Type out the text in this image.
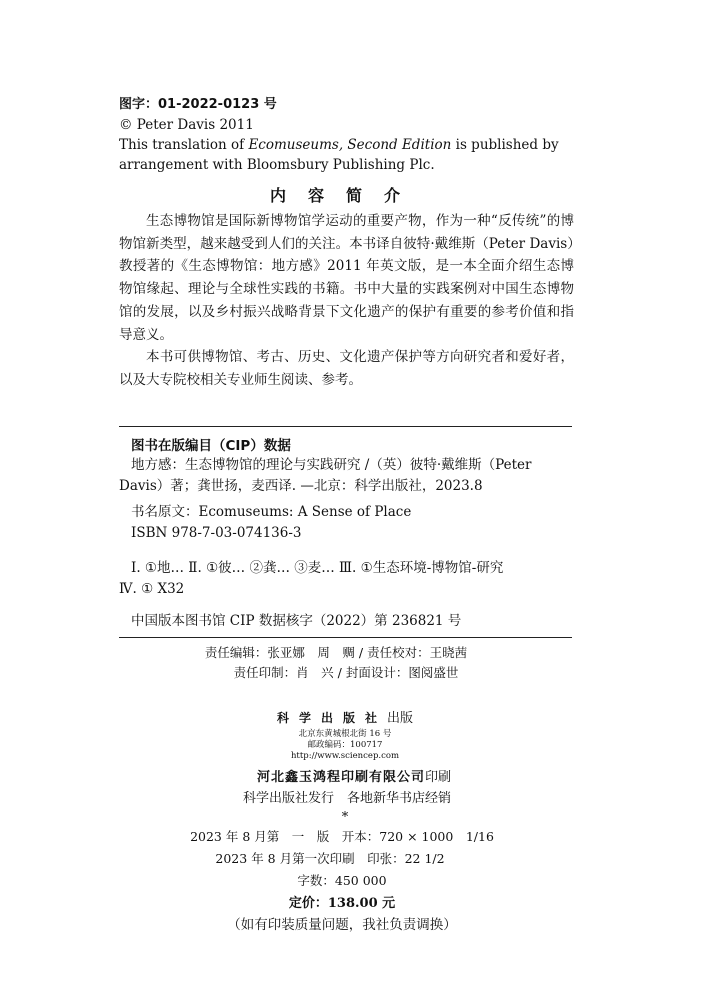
图字：01-2022-0123 号
© Peter Davis 2011
This translation of Ecomuseums, Second Edition is published by
arrangement with Bloomsbury Publishing Plc.
内容简介

生态博物馆是国际新博物馆学运动的重要产物，作为一种“反传统”的博物馆新类型，越来越受到人们的关注。本书译自彼特·戴维斯（Peter Davis）教授著的《生态博物馆：地方感》2011 年英文版，是一本全面介绍生态博物馆缘起、理论与全球性实践的书籍。书中大量的实践案例对中国生态博物馆的发展，以及乡村振兴战略背景下文化遗产的保护有重要的参考价值和指导意义。

本书可供博物馆、考古、历史、文化遗产保护等方向研究者和爱好者，以及大专院校相关专业师生阅读、参考。

图书在版编目（CIP）数据
地方感：生态博物馆的理论与实践研究 /（英）彼特·戴维斯（Peter
Davis）著；龚世扬，麦西译. —北京：科学出版社，2023.8
书名原文：Ecomuseums: A Sense of Place
ISBN 978-7-03-074136-3
Ⅰ. ①地… Ⅱ. ①彼… ②龚… ③麦… Ⅲ. ①生态环境-博物馆-研究
Ⅳ. ① X32
中国版本图书馆 CIP 数据核字（2022）第 236821 号
责任编辑：张亚娜　周　赒 / 责任校对：王晓茜
责任印制：肖　兴 / 封面设计：图阅盛世
科学出版社出版
北京东黄城根北街 16 号
邮政编码：100717
http://www.sciencep.com
河北鑫玉鸿程印刷有限公司印刷
科学出版社发行　各地新华书店经销
*
2023 年 8 月第　一　版　开本：720 × 1000　1/16
2023 年 8 月第一次印刷　印张：22 1/2
字数：450 000
定价：138.00 元
（如有印装质量问题，我社负责调换）
